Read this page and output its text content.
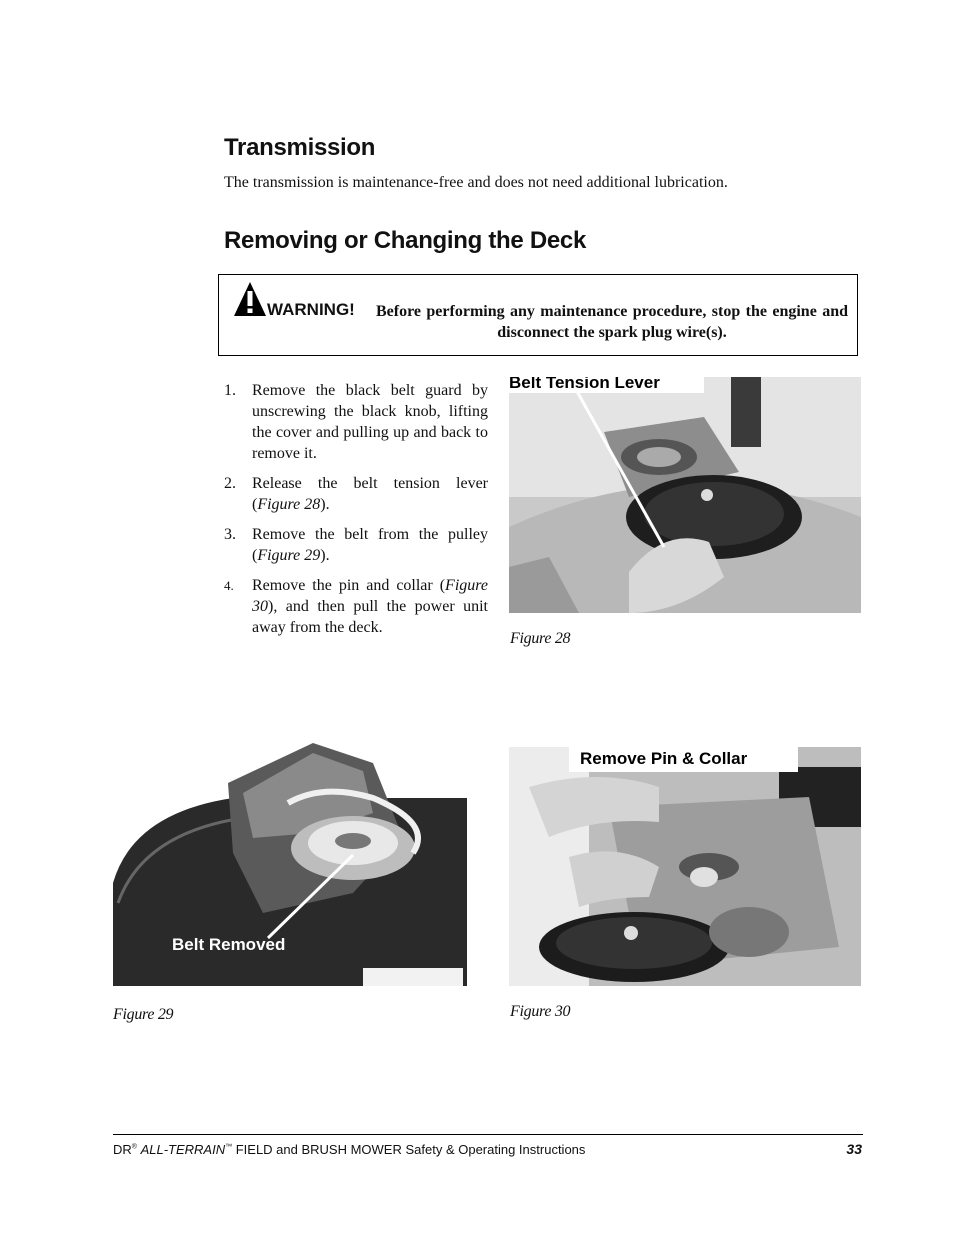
Transmission

The transmission is maintenance-free and does not need additional lubrication.

Removing or Changing the Deck
WARNING! Before performing any maintenance procedure, stop the engine and disconnect the spark plug wire(s).
1. Remove the black belt guard by unscrewing the black knob, lifting the cover and pulling up and back to remove it.
2. Release the belt tension lever (Figure 28).
3. Remove the belt from the pulley (Figure 29).
4. Remove the pin and collar (Figure 30), and then pull the power unit away from the deck.
Belt Tension Lever
Figure 28
Belt Removed
Figure 29
Remove Pin & Collar
Figure 30
DR® ALL-TERRAIN™ FIELD and BRUSH MOWER Safety & Operating Instructions	33
